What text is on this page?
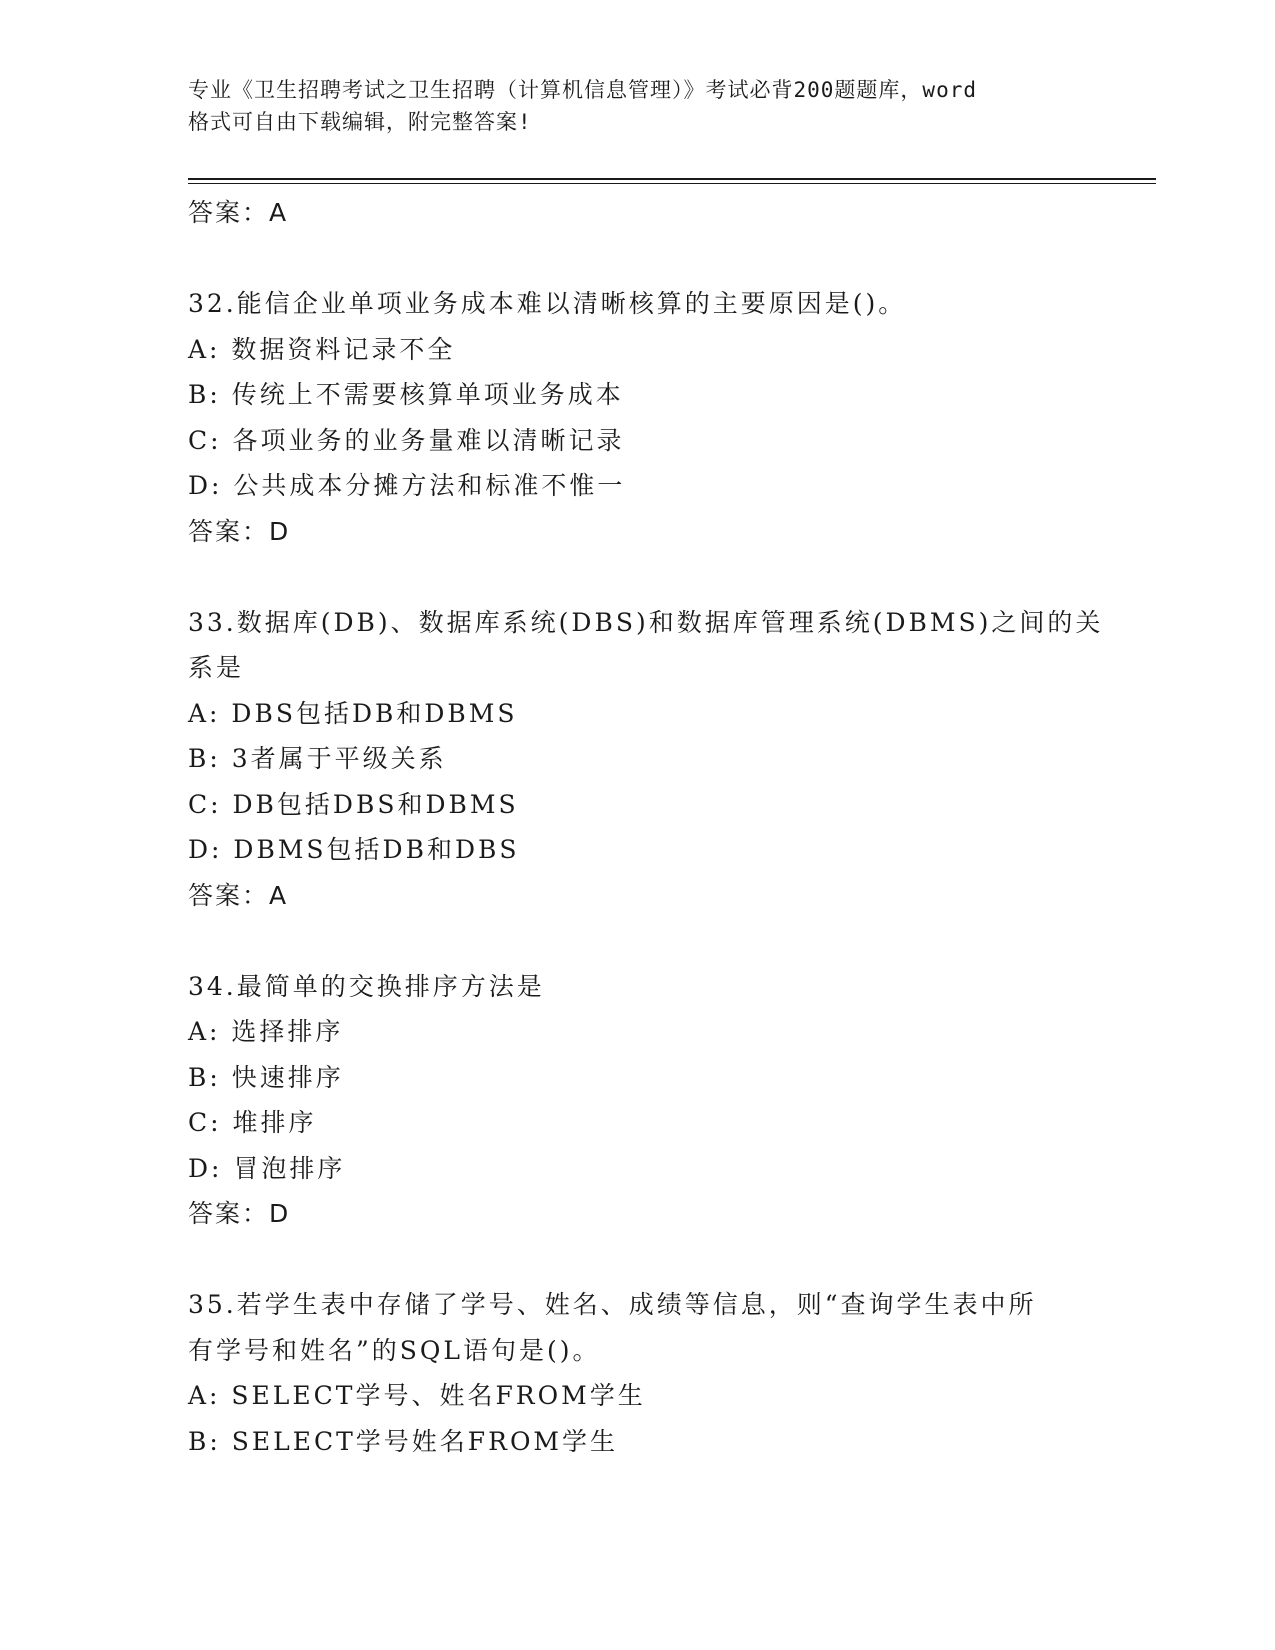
专业《卫生招聘考试之卫生招聘（计算机信息管理）》考试必背200题题库，word
格式可自由下载编辑，附完整答案!
答案：A
32.能信企业单项业务成本难以清晰核算的主要原因是()。
A: 数据资料记录不全
B: 传统上不需要核算单项业务成本
C: 各项业务的业务量难以清晰记录
D: 公共成本分摊方法和标准不惟一
答案：D
33.数据库(DB)、数据库系统(DBS)和数据库管理系统(DBMS)之间的关
系是
A: DBS包括DB和DBMS
B: 3者属于平级关系
C: DB包括DBS和DBMS
D: DBMS包括DB和DBS
答案：A
34.最简单的交换排序方法是
A: 选择排序
B: 快速排序
C: 堆排序
D: 冒泡排序
答案：D
35.若学生表中存储了学号、姓名、成绩等信息，则“查询学生表中所
有学号和姓名”的SQL语句是()。
A: SELECT学号、姓名FROM学生
B: SELECT学号姓名FROM学生
